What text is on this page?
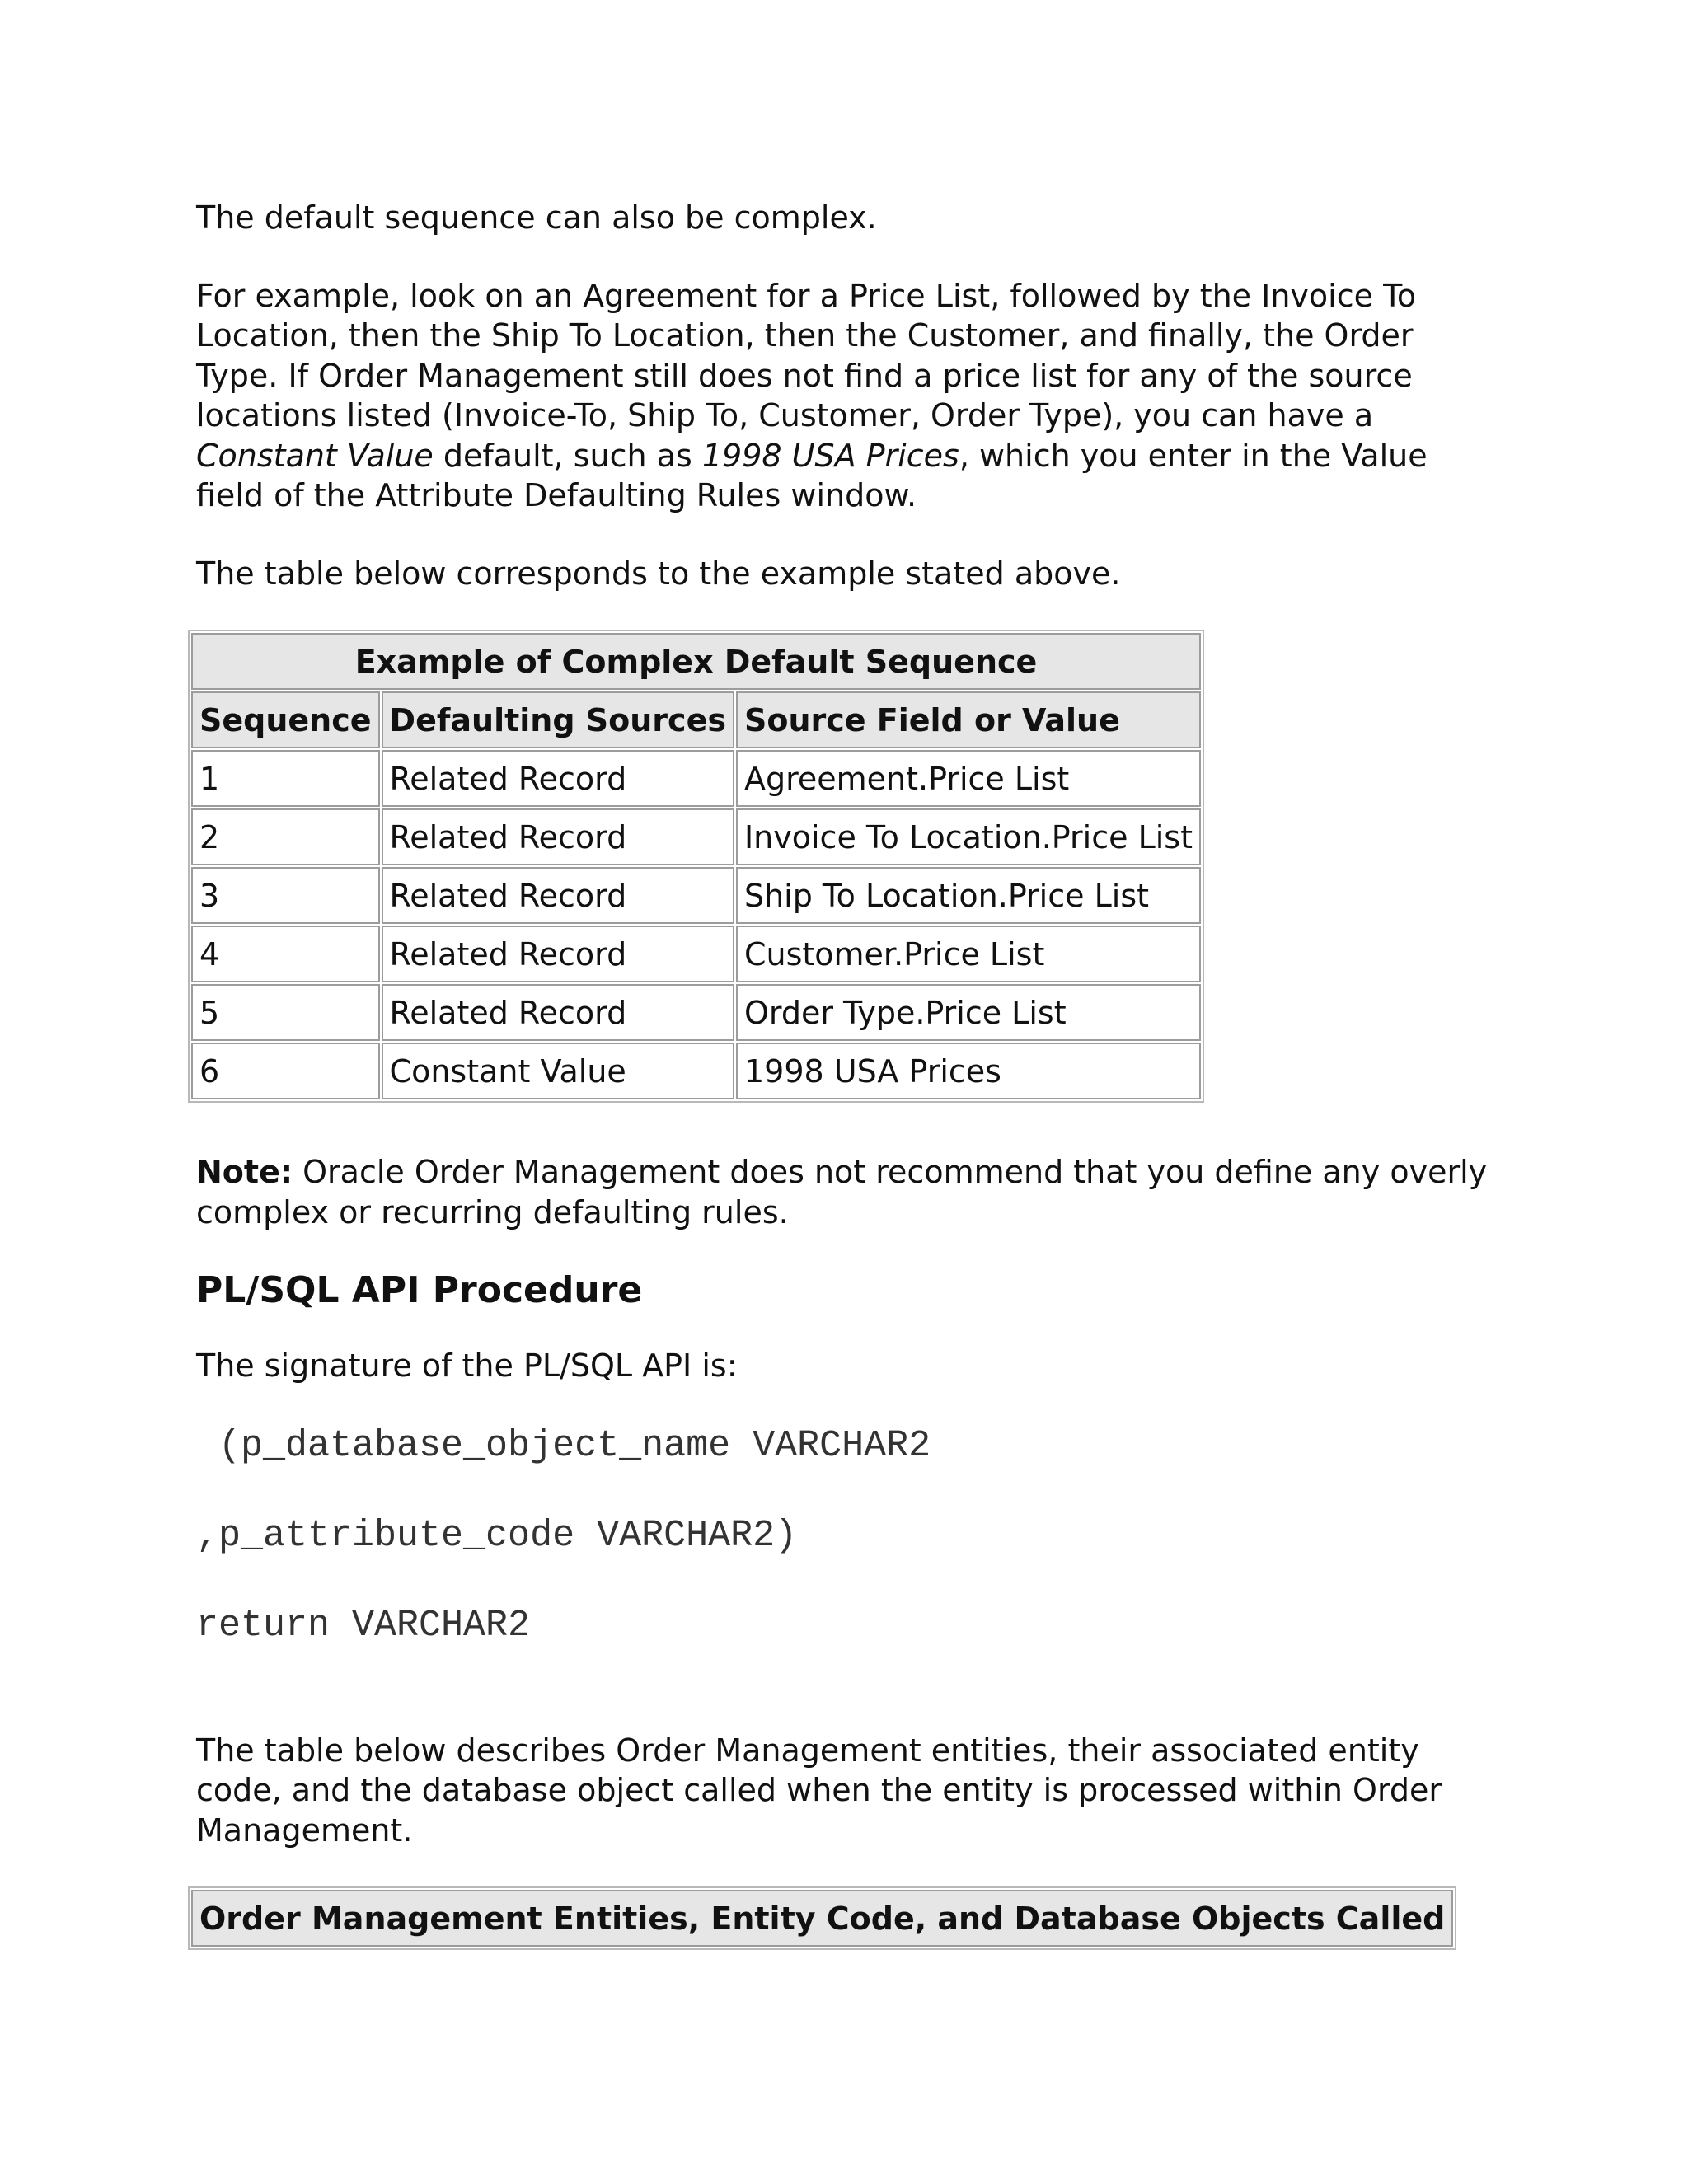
The default sequence can also be complex.

For example, look on an Agreement for a Price List, followed by the Invoice To Location, then the Ship To Location, then the Customer, and finally, the Order Type. If Order Management still does not find a price list for any of the source locations listed (Invoice-To, Ship To, Customer, Order Type), you can have a Constant Value default, such as 1998 USA Prices, which you enter in the Value field of the Attribute Defaulting Rules window.

The table below corresponds to the example stated above.

Example of Complex Default Sequence		
Sequence	Defaulting Sources	Source Field or Value
1	Related Record	Agreement.Price List
2	Related Record	Invoice To Location.Price List
3	Related Record	Ship To Location.Price List
4	Related Record	Customer.Price List
5	Related Record	Order Type.Price List
6	Constant Value	1998 USA Prices

Note: Oracle Order Management does not recommend that you define any overly complex or recurring defaulting rules.

PL/SQL API Procedure

The signature of the PL/SQL API is:

(p_database_object_name VARCHAR2
,p_attribute_code VARCHAR2)
return VARCHAR2

The table below describes Order Management entities, their associated entity code, and the database object called when the entity is processed within Order Management.

Order Management Entities, Entity Code, and Database Objects Called
